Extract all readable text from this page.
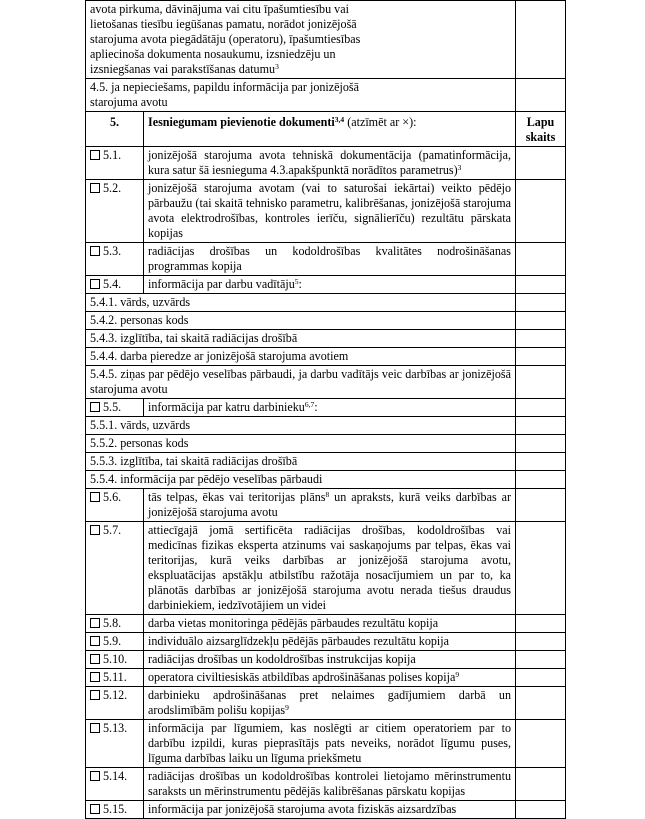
avota pirkuma, dāvinājuma vai citu īpašumtiesību vai lietošanas tiesību iegūšanas pamatu, norādot jonizējošā starojuma avota piegādātāju (operatoru), īpašumtiesības apliecinoša dokumenta nosaukumu, izsniedzēju un izsniegšanas vai parakstīšanas datumu$^3$	
4.5. ja nepieciešams, papildu informācija par jonizējošā starojuma avotu		
5.	Iesniegumam pievienotie dokumenti$^{3,4}$ (atzīmēt ar ×):	Lapu skaits
5.1.	jonizējošā starojuma avota tehniskā dokumentācija (pamatinformācija, kura satur šā iesnieguma 4.3.apakšpunktā norādītos parametrus)$^3$	
5.2.	jonizējošā starojuma avotam (vai to saturošai iekārtai) veikto pēdējo pārbaužu (tai skaitā tehnisko parametru, kalibrēšanas, jonizējošā starojuma avota elektrodrošības, kontroles ierīču, signālierīču) rezultātu pārskata kopijas	
5.3.	radiācijas drošības un kodoldrošības kvalitātes nodrošināšanas programmas kopija	
5.4.	informācija par darbu vadītāju$^5$:	
5.4.1. vārds, uzvārds		
5.4.2. personas kods		
5.4.3. izglītība, tai skaitā radiācijas drošībā		
5.4.4. darba pieredze ar jonizējošā starojuma avotiem		
5.4.5. ziņas par pēdējo veselības pārbaudi, ja darbu vadītājs veic darbības ar jonizējošā starojuma avotu		
5.5.	informācija par katru darbinieku$^{6,7}$:	
5.5.1. vārds, uzvārds		
5.5.2. personas kods		
5.5.3. izglītība, tai skaitā radiācijas drošībā		
5.5.4. informācija par pēdējo veselības pārbaudi		
5.6.	tās telpas, ēkas vai teritorijas plāns$^8$ un apraksts, kurā veiks darbības ar jonizējošā starojuma avotu	
5.7.	attiecīgajā jomā sertificēta radiācijas drošības, kodoldrošības vai medicīnas fizikas eksperta atzinums vai saskaņojums par telpas, ēkas vai teritorijas, kurā veiks darbības ar jonizējošā starojuma avotu, ekspluatācijas apstākļu atbilstību ražotāja nosacījumiem un par to, ka plānotās darbības ar jonizējošā starojuma avotu nerada tiešus draudus darbiniekiem, iedzīvotājiem un videi	
5.8.	darba vietas monitoringa pēdējās pārbaudes rezultātu kopija	
5.9.	individuālo aizsarglīdzekļu pēdējās pārbaudes rezultātu kopija	
5.10.	radiācijas drošības un kodoldrošības instrukcijas kopija	
5.11.	operatora civiltiesiskās atbildības apdrošināšanas polises kopija$^9$	
5.12.	darbinieku apdrošināšanas pret nelaimes gadījumiem darbā un arodslimībām polišu kopijas$^9$	
5.13.	informācija par līgumiem, kas noslēgti ar citiem operatoriem par to darbību izpildi, kuras pieprasītājs pats neveiks, norādot līgumu puses, līguma darbības laiku un līguma priekšmetu	
5.14.	radiācijas drošības un kodoldrošības kontrolei lietojamo mērinstrumentu saraksts un mērinstrumentu pēdējās kalibrēšanas pārskatu kopijas	
5.15.	informācija par jonizējošā starojuma avota fiziskās aizsardzības	
